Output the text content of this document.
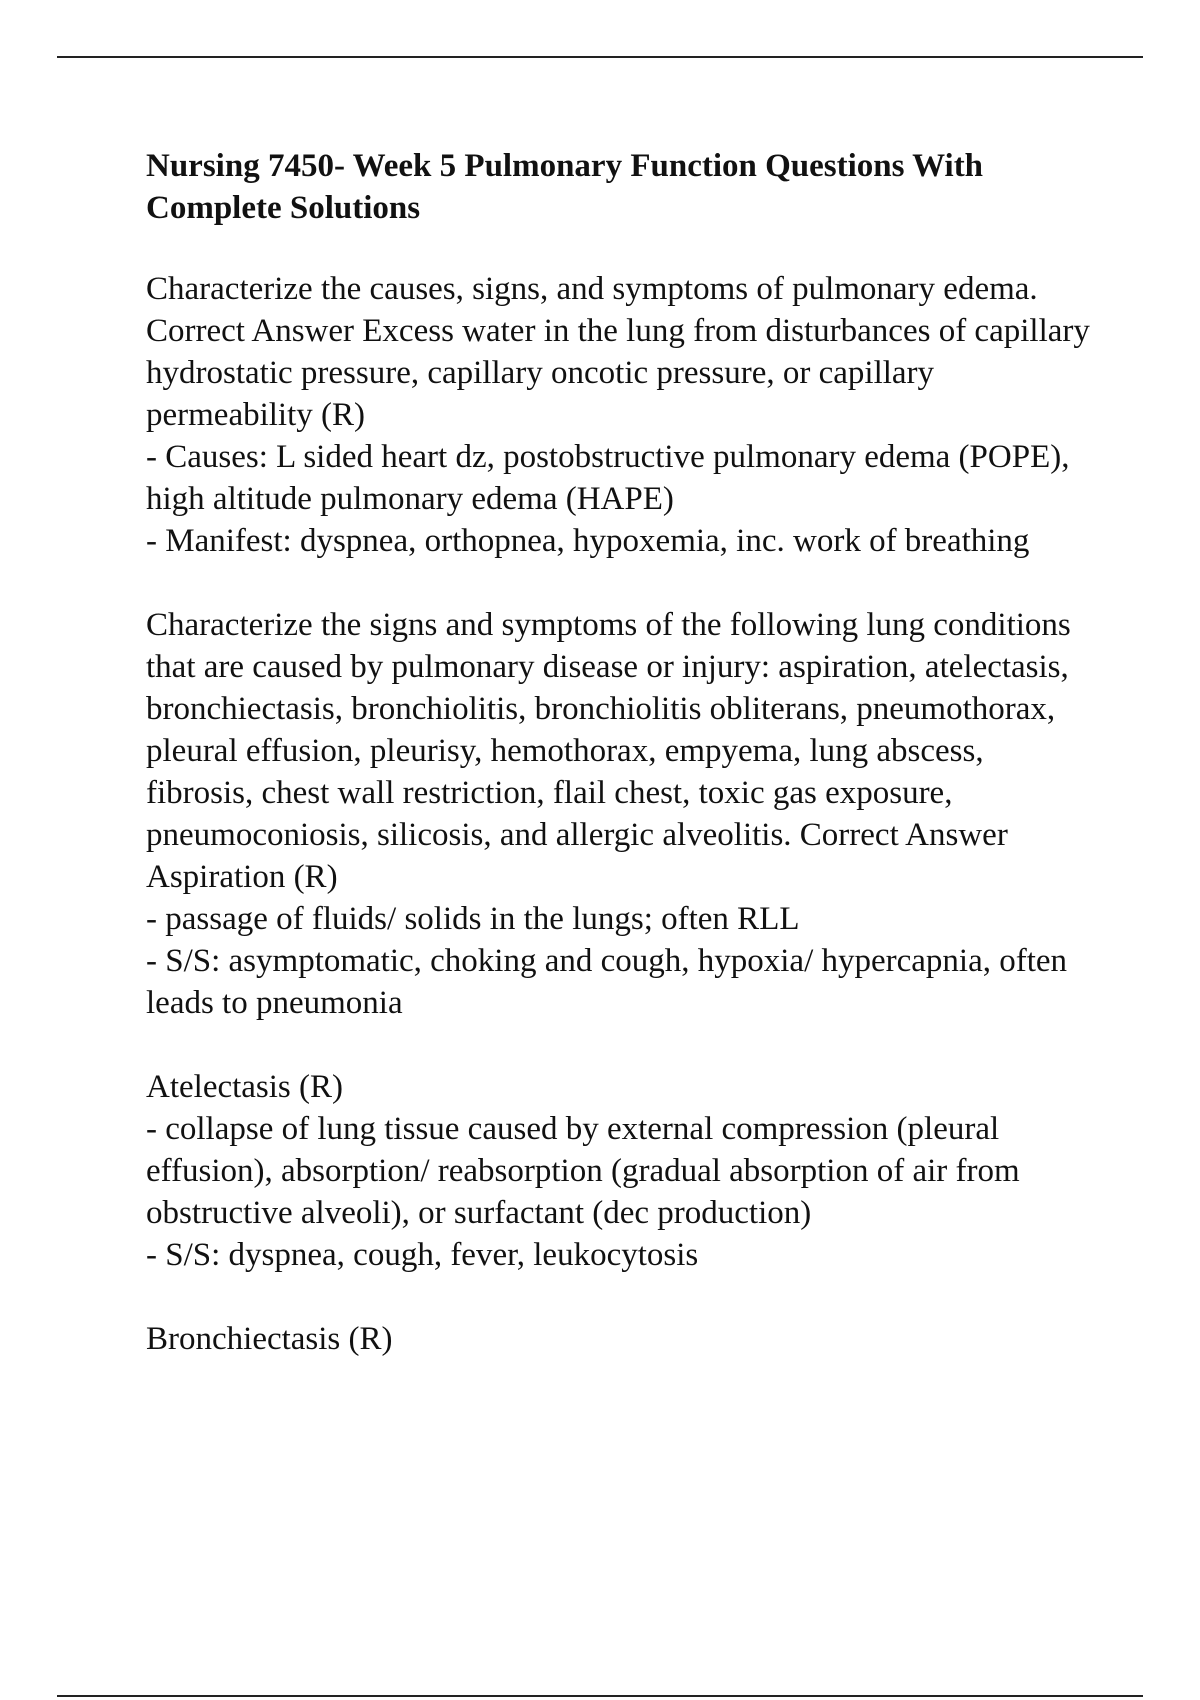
Nursing 7450- Week 5 Pulmonary Function Questions With Complete Solutions
Characterize the causes, signs, and symptoms of pulmonary edema. Correct Answer Excess water in the lung from disturbances of capillary hydrostatic pressure, capillary oncotic pressure, or capillary permeability (R)
- Causes: L sided heart dz, postobstructive pulmonary edema (POPE), high altitude pulmonary edema (HAPE)
- Manifest: dyspnea, orthopnea, hypoxemia, inc. work of breathing
Characterize the signs and symptoms of the following lung conditions that are caused by pulmonary disease or injury: aspiration, atelectasis, bronchiectasis, bronchiolitis, bronchiolitis obliterans, pneumothorax, pleural effusion, pleurisy, hemothorax, empyema, lung abscess, fibrosis, chest wall restriction, flail chest, toxic gas exposure, pneumoconiosis, silicosis, and allergic alveolitis. Correct Answer Aspiration (R)
- passage of fluids/ solids in the lungs; often RLL
- S/S: asymptomatic, choking and cough, hypoxia/ hypercapnia, often leads to pneumonia
Atelectasis (R)
- collapse of lung tissue caused by external compression (pleural effusion), absorption/ reabsorption (gradual absorption of air from obstructive alveoli), or surfactant (dec production)
- S/S: dyspnea, cough, fever, leukocytosis
Bronchiectasis (R)
